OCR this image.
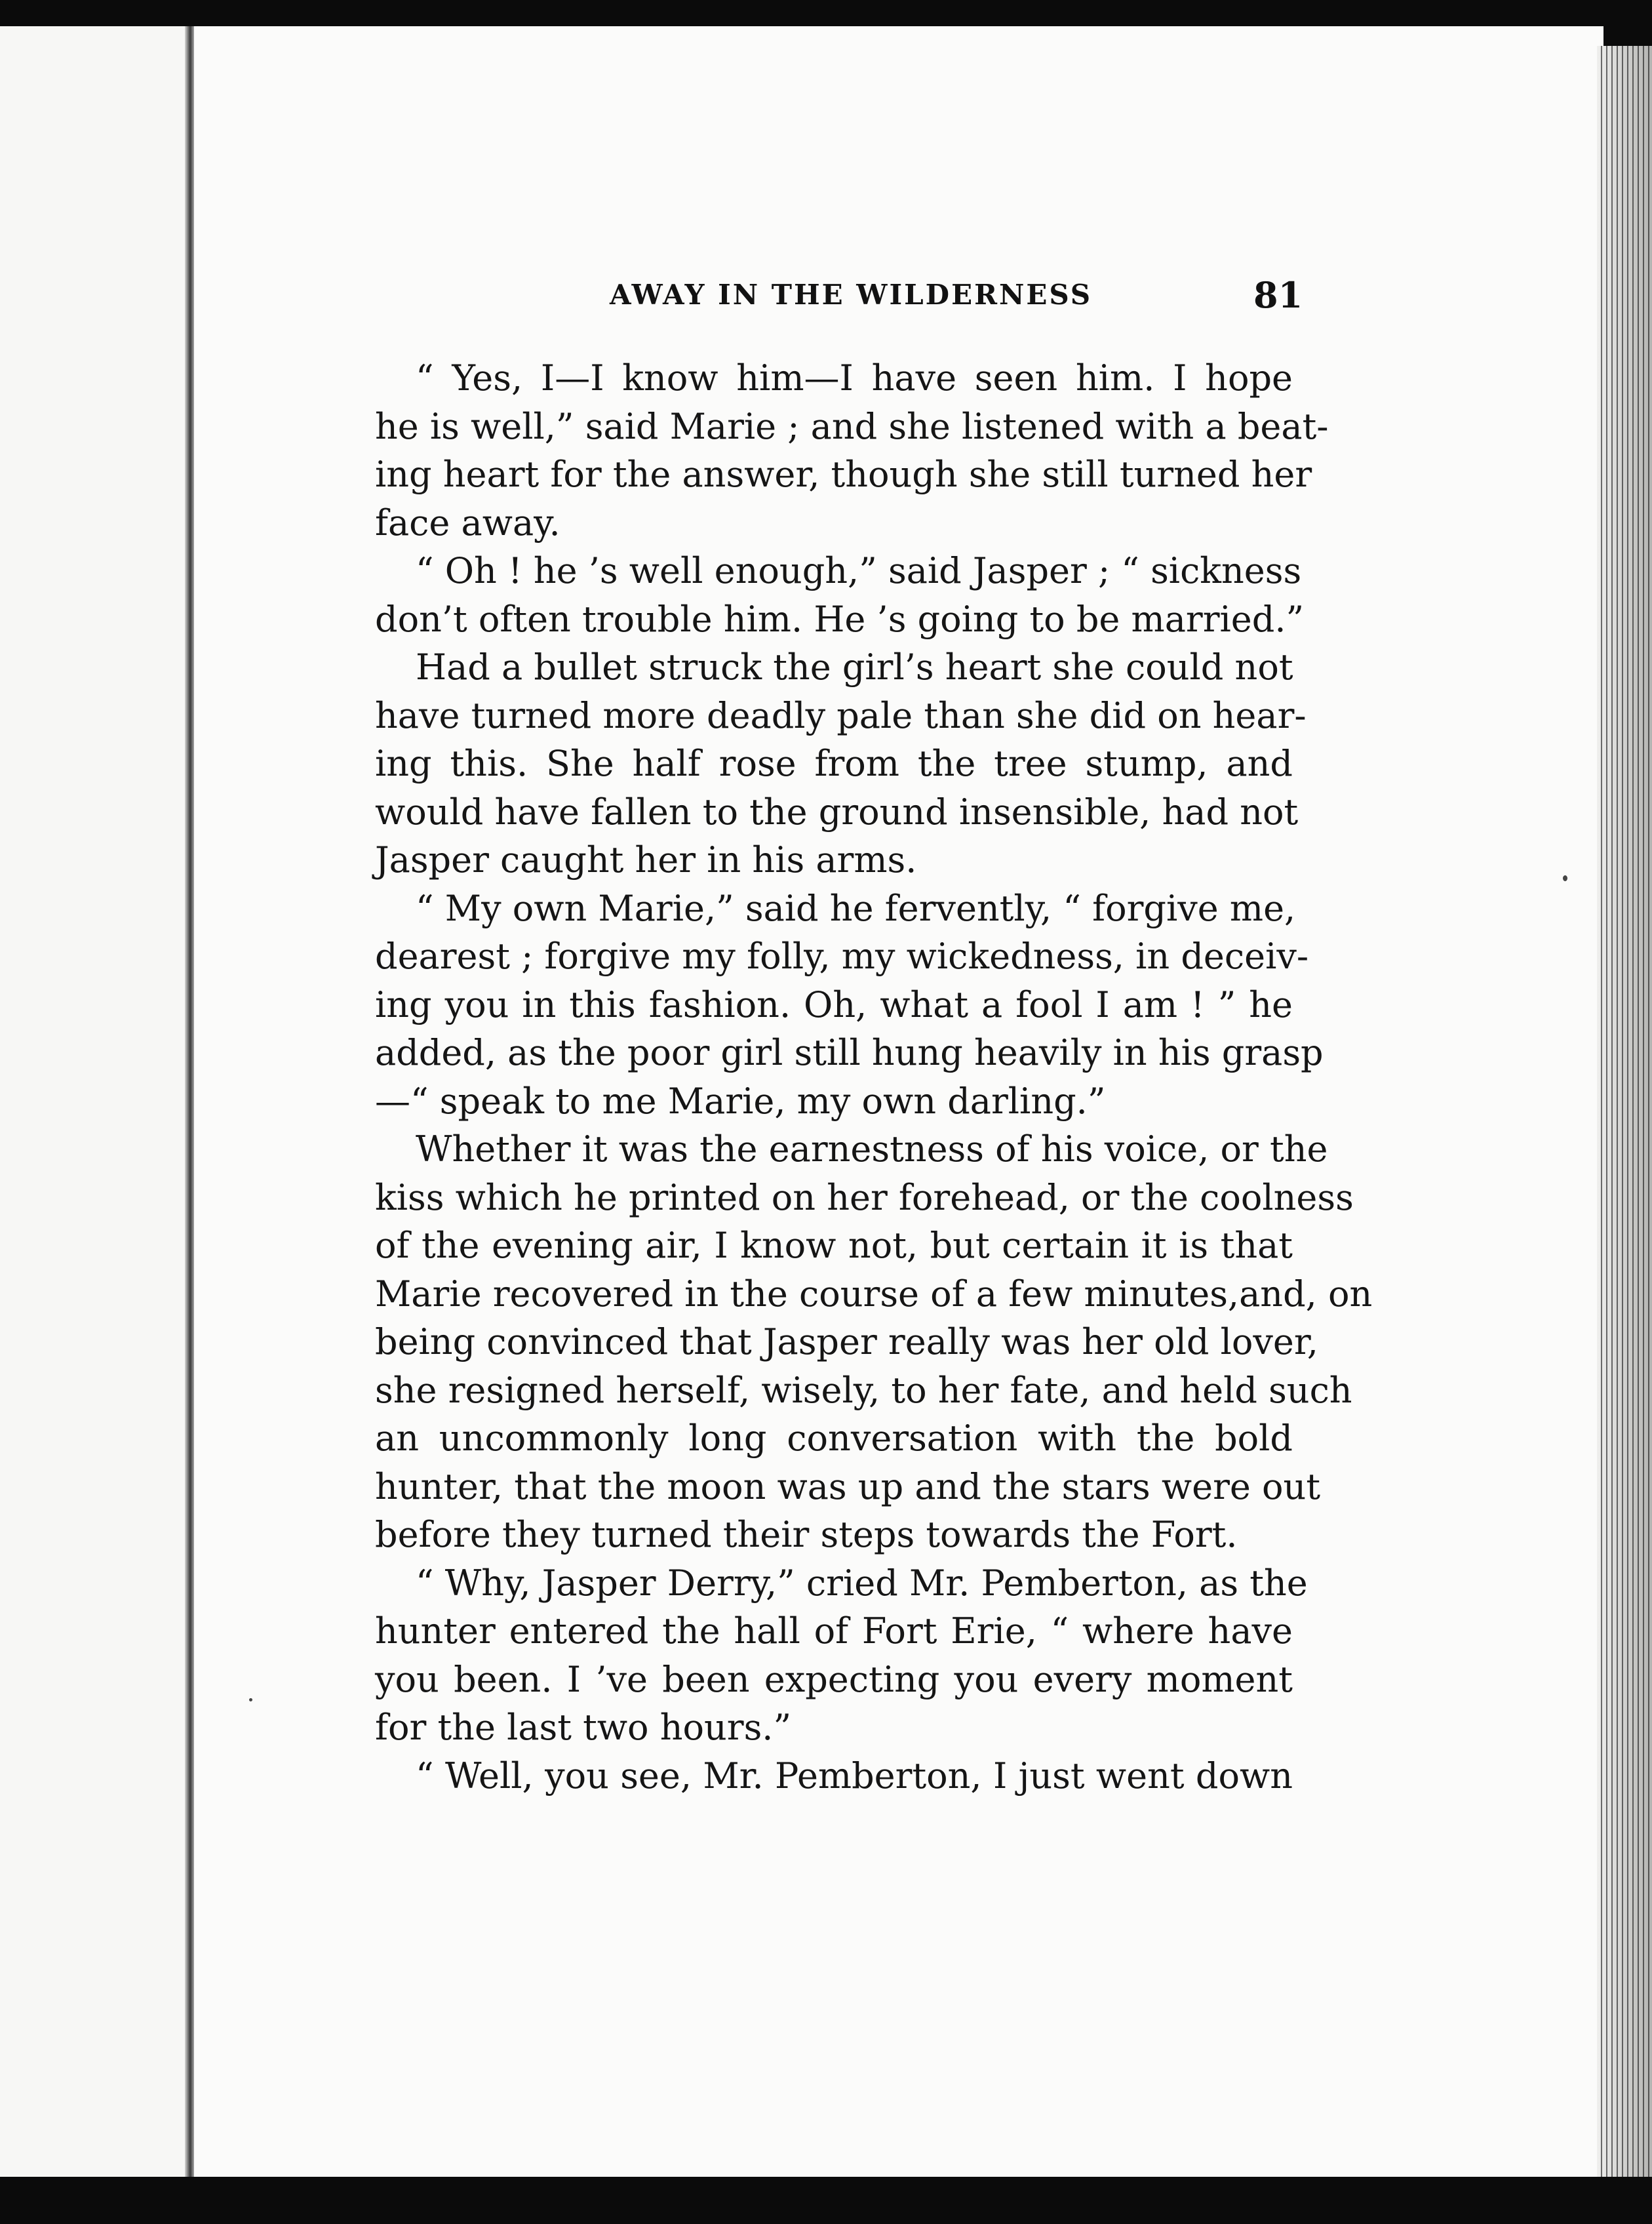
AWAY IN THE WILDERNESS	81
“ Yes, I—I know him—I have seen him. I hope
he is well,” said Marie ; and she listened with a beat-
ing heart for the answer, though she still turned her
face away.
“ Oh ! he ’s well enough,” said Jasper ; “ sickness
don’t often trouble him. He ’s going to be married.”
Had a bullet struck the girl’s heart she could not
have turned more deadly pale than she did on hear-
ing this. She half rose from the tree stump, and
would have fallen to the ground insensible, had not
Jasper caught her in his arms.
“ My own Marie,” said he fervently, “ forgive me,
dearest ; forgive my folly, my wickedness, in deceiv-
ing you in this fashion. Oh, what a fool I am ! ” he
added, as the poor girl still hung heavily in his grasp
—“ speak to me Marie, my own darling.”
Whether it was the earnestness of his voice, or the
kiss which he printed on her forehead, or the coolness
of the evening air, I know not, but certain it is that
Marie recovered in the course of a few minutes,and, on
being convinced that Jasper really was her old lover,
she resigned herself, wisely, to her fate, and held such
an uncommonly long conversation with the bold
hunter, that the moon was up and the stars were out
before they turned their steps towards the Fort.
“ Why, Jasper Derry,” cried Mr. Pemberton, as the
hunter entered the hall of Fort Erie, “ where have
you been. I ’ve been expecting you every moment
for the last two hours.”
“ Well, you see, Mr. Pemberton, I just went down
